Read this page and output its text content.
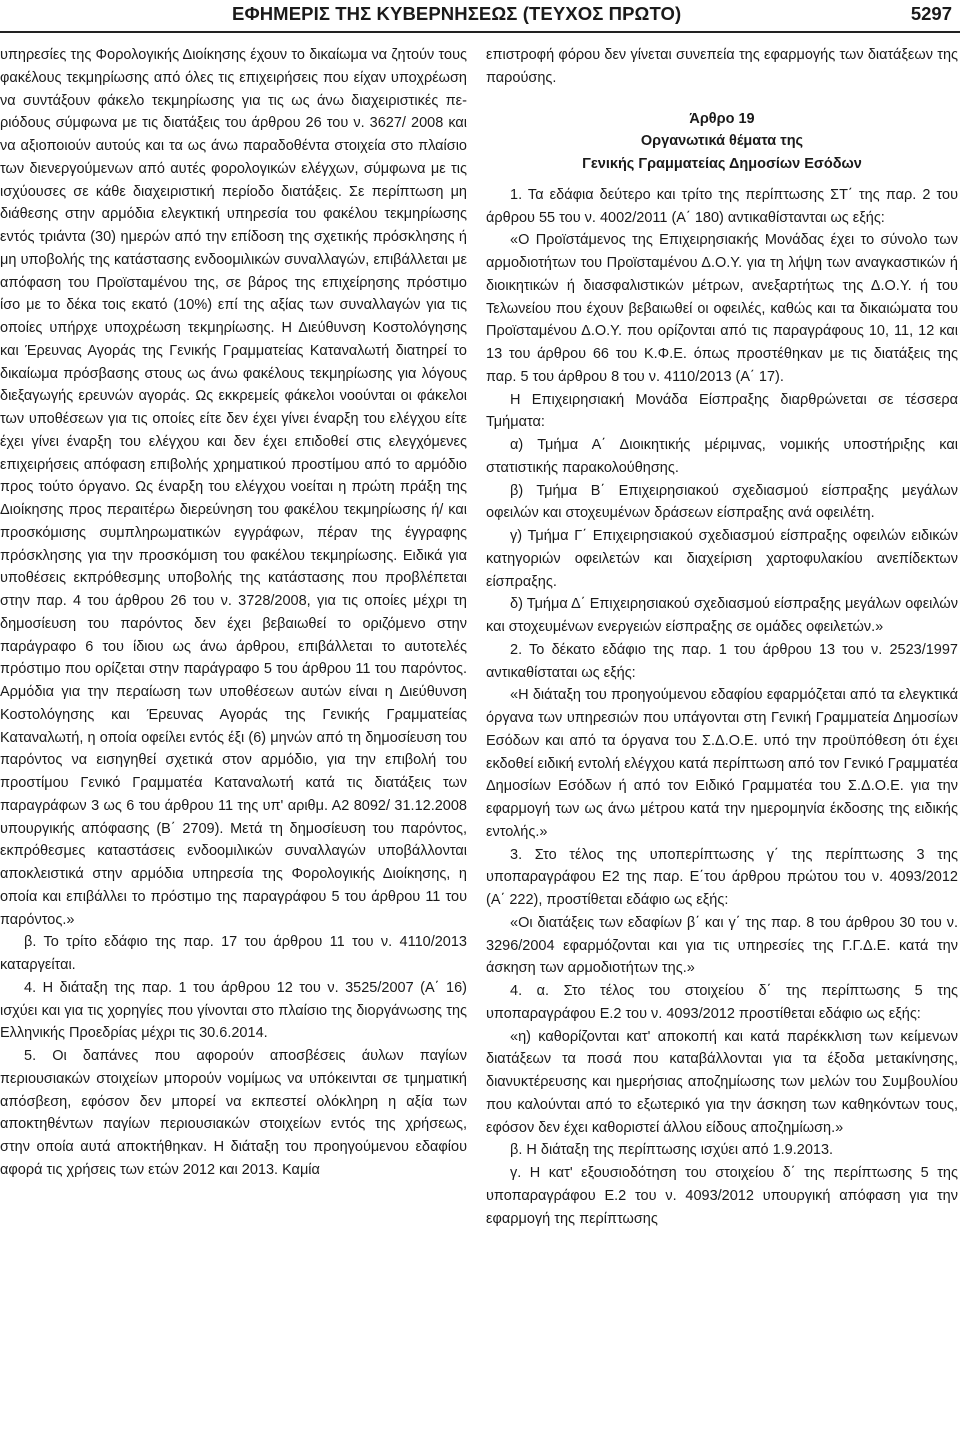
ΕΦΗΜΕΡΙΣ ΤΗΣ ΚΥΒΕΡΝΗΣΕΩΣ (ΤΕΥΧΟΣ ΠΡΩΤΟ)	5297

υπηρεσίες της Φορολογικής Διοίκησης έχουν το δικαίωμα να ζητούν τους φακέλους τεκμηρίωσης από όλες τις επιχειρήσεις που είχαν υποχρέωση να συντάξουν φάκελο τεκμηρίωσης για τις ως άνω διαχειριστικές περιόδους σύμφωνα με τις διατάξεις του άρθρου 26 του ν. 3627/ 2008 και να αξιοποιούν αυτούς και τα ως άνω παραδοθέντα στοιχεία στο πλαίσιο των διενεργούμενων από αυτές φορολογικών ελέγχων, σύμφωνα με τις ισχύουσες σε κάθε διαχειριστική περίοδο διατάξεις. Σε περίπτωση μη διάθεσης στην αρμόδια ελεγκτική υπηρεσία του φακέλου τεκμηρίωσης εντός τριάντα (30) ημερών από την επίδοση της σχετικής πρόσκλησης ή μη υποβολής της κατάστασης ενδοομιλικών συναλλαγών, επιβάλλεται με απόφαση του Προϊσταμένου της, σε βάρος της επιχείρησης πρόστιμο ίσο με το δέκα τοις εκατό (10%) επί της αξίας των συναλλαγών για τις οποίες υπήρχε υποχρέωση τεκμηρίωσης. Η Διεύθυνση Κοστολόγησης και Έρευνας Αγοράς της Γενικής Γραμματείας Καταναλωτή διατηρεί το δικαίωμα πρόσβασης στους ως άνω φακέλους τεκμηρίωσης για λόγους διεξαγωγής ερευνών αγοράς. Ως εκκρεμείς φάκελοι νοούνται οι φάκελοι των υποθέσεων για τις οποίες είτε δεν έχει γίνει έναρξη του ελέγχου είτε έχει γίνει έναρξη του ελέγχου και δεν έχει επιδοθεί στις ελεγχόμενες επιχειρήσεις απόφαση επιβολής χρηματικού προστίμου από το αρμόδιο προς τούτο όργανο. Ως έναρξη του ελέγχου νοείται η πρώτη πράξη της Διοίκησης προς περαιτέρω διερεύνηση του φακέλου τεκμηρίωσης ή/ και προσκόμισης συμπληρωματικών εγγράφων, πέραν της έγγραφης πρόσκλησης για την προσκόμιση του φακέλου τεκμηρίωσης. Ειδικά για υποθέσεις εκπρόθεσμης υποβολής της κατάστασης που προβλέπεται στην παρ. 4 του άρθρου 26 του ν. 3728/2008, για τις οποίες μέχρι τη δημοσίευση του παρόντος δεν έχει βεβαιωθεί το οριζόμενο στην παράγραφο 6 του ίδιου ως άνω άρθρου, επιβάλλεται το αυτοτελές πρόστιμο που ορίζεται στην παράγραφο 5 του άρθρου 11 του παρόντος. Αρμόδια για την περαίωση των υποθέσεων αυτών είναι η Διεύθυνση Κοστολόγησης και Έρευνας Αγοράς της Γενικής Γραμματείας Καταναλωτή, η οποία οφείλει εντός έξι (6) μηνών από τη δημοσίευση του παρόντος να εισηγηθεί σχετικά στον αρμόδιο, για την επιβολή του προστίμου Γενικό Γραμματέα Καταναλωτή κατά τις διατάξεις των παραγράφων 3 ως 6 του άρθρου 11 της υπ' αριθμ. Α2 8092/ 31.12.2008 υπουργικής απόφασης (Β΄ 2709). Μετά τη δημοσίευση του παρόντος, εκπρόθεσμες καταστάσεις ενδοομιλικών συναλλαγών υποβάλλονται αποκλειστικά στην αρμόδια υπηρεσία της Φορολογικής Διοίκησης, η οποία και επιβάλλει το πρόστιμο της παραγράφου 5 του άρθρου 11 του παρόντος.»

β. Το τρίτο εδάφιο της παρ. 17 του άρθρου 11 του ν. 4110/2013 καταργείται.

4. Η διάταξη της παρ. 1 του άρθρου 12 του ν. 3525/2007 (Α΄ 16) ισχύει και για τις χορηγίες που γίνονται στο πλαίσιο της διοργάνωσης της Ελληνικής Προεδρίας μέχρι τις 30.6.2014.

5. Οι δαπάνες που αφορούν αποσβέσεις άυλων παγίων περιουσιακών στοιχείων μπορούν νομίμως να υπόκεινται σε τμηματική απόσβεση, εφόσον δεν μπορεί να εκπεστεί ολόκληρη η αξία των αποκτηθέντων παγίων περιουσιακών στοιχείων εντός της χρήσεως, στην οποία αυτά αποκτήθηκαν. Η διάταξη του προηγούμενου εδαφίου αφορά τις χρήσεις των ετών 2012 και 2013. Καμία

επιστροφή φόρου δεν γίνεται συνεπεία της εφαρμογής των διατάξεων της παρούσης.

Άρθρο 19
Οργανωτικά θέματα της
Γενικής Γραμματείας Δημοσίων Εσόδων

1. Τα εδάφια δεύτερο και τρίτο της περίπτωσης ΣΤ΄ της παρ. 2 του άρθρου 55 του ν. 4002/2011 (Α΄ 180) αντικαθίστανται ως εξής:

«Ο Προϊστάμενος της Επιχειρησιακής Μονάδας έχει το σύνολο των αρμοδιοτήτων του Προϊσταμένου Δ.Ο.Υ. για τη λήψη των αναγκαστικών ή διοικητικών ή διασφαλιστικών μέτρων, ανεξαρτήτως της Δ.Ο.Υ. ή του Τελωνείου που έχουν βεβαιωθεί οι οφειλές, καθώς και τα δικαιώματα του Προϊσταμένου Δ.Ο.Υ. που ορίζονται από τις παραγράφους 10, 11, 12 και 13 του άρθρου 66 του Κ.Φ.Ε. όπως προστέθηκαν με τις διατάξεις της παρ. 5 του άρθρου 8 του ν. 4110/2013 (Α΄ 17).

Η Επιχειρησιακή Μονάδα Είσπραξης διαρθρώνεται σε τέσσερα Τμήματα:

α) Τμήμα Α΄ Διοικητικής μέριμνας, νομικής υποστήριξης και στατιστικής παρακολούθησης.

β) Τμήμα Β΄ Επιχειρησιακού σχεδιασμού είσπραξης μεγάλων οφειλών και στοχευμένων δράσεων είσπραξης ανά οφειλέτη.

γ) Τμήμα Γ΄ Επιχειρησιακού σχεδιασμού είσπραξης οφειλών ειδικών κατηγοριών οφειλετών και διαχείριση χαρτοφυλακίου ανεπίδεκτων είσπραξης.

δ) Τμήμα Δ΄ Επιχειρησιακού σχεδιασμού είσπραξης μεγάλων οφειλών και στοχευμένων ενεργειών είσπραξης σε ομάδες οφειλετών.»

2. Το δέκατο εδάφιο της παρ. 1 του άρθρου 13 του ν. 2523/1997 αντικαθίσταται ως εξής:

«Η διάταξη του προηγούμενου εδαφίου εφαρμόζεται από τα ελεγκτικά όργανα των υπηρεσιών που υπάγονται στη Γενική Γραμματεία Δημοσίων Εσόδων και από τα όργανα του Σ.Δ.Ο.Ε. υπό την προϋπόθεση ότι έχει εκδοθεί ειδική εντολή ελέγχου κατά περίπτωση από τον Γενικό Γραμματέα Δημοσίων Εσόδων ή από τον Ειδικό Γραμματέα του Σ.Δ.Ο.Ε. για την εφαρμογή των ως άνω μέτρου κατά την ημερομηνία έκδοσης της ειδικής εντολής.»

3. Στο τέλος της υποπερίπτωσης γ΄ της περίπτωσης 3 της υποπαραγράφου Ε2 της παρ. Ε΄του άρθρου πρώτου του ν. 4093/2012 (Α΄ 222), προστίθεται εδάφιο ως εξής:

«Οι διατάξεις των εδαφίων β΄ και γ΄ της παρ. 8 του άρθρου 30 του ν. 3296/2004 εφαρμόζονται και για τις υπηρεσίες της Γ.Γ.Δ.Ε. κατά την άσκηση των αρμοδιοτήτων της.»

4. α. Στο τέλος του στοιχείου δ΄ της περίπτωσης 5 της υποπαραγράφου Ε.2 του ν. 4093/2012 προστίθεται εδάφιο ως εξής:

«η) καθορίζονται κατ' αποκοπή και κατά παρέκκλιση των κείμενων διατάξεων τα ποσά που καταβάλλονται για τα έξοδα μετακίνησης, διανυκτέρευσης και ημερήσιας αποζημίωσης των μελών του Συμβουλίου που καλούνται από το εξωτερικό για την άσκηση των καθηκόντων τους, εφόσον δεν έχει καθοριστεί άλλου είδους αποζημίωση.»

β. Η διάταξη της περίπτωσης ισχύει από 1.9.2013.

γ. Η κατ' εξουσιοδότηση του στοιχείου δ΄ της περίπτωσης 5 της υποπαραγράφου Ε.2 του ν. 4093/2012 υπουργική απόφαση για την εφαρμογή της περίπτωσης
